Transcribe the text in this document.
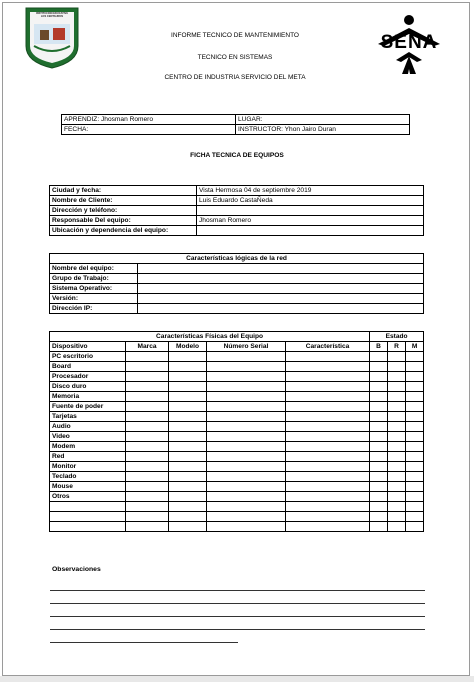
INSTITUCIÓN EDUCATIVA LOS CENTAUROS
INFORME TECNICO DE MANTENIMIENTO
TECNICO EN SISTEMAS
CENTRO DE INDUSTRIA SERVICIO DEL META
SENA
APRENDIZ: Jhosman Romero	LUGAR:
FECHA:	INSTRUCTOR: Yhon Jairo Duran
FICHA TECNICA DE EQUIPOS
Ciudad y fecha:	Vista Hermosa 04 de septiembre 2019
Nombre de Cliente:	Luis Eduardo CastaÑeda
Dirección y teléfono:	
Responsable Del equipo:	Jhosman Romero
Ubicación y dependencia del equipo:	
Características lógicas de la red	
Nombre del equipo:	
Grupo de Trabajo:	
Sistema Operativo:	
Versión:	
Dirección IP:	
Características Físicas del Equipo					Estado		
Dispositivo	Marca	Modelo	Número Serial	Característica	B	R	M
PC escritorio							
Board							
Procesador							
Disco duro							
Memoria							
Fuente de poder							
Tarjetas							
Audio							
Video							
Modem							
Red							
Monitor							
Teclado							
Mouse							
Otros							

Observaciones
